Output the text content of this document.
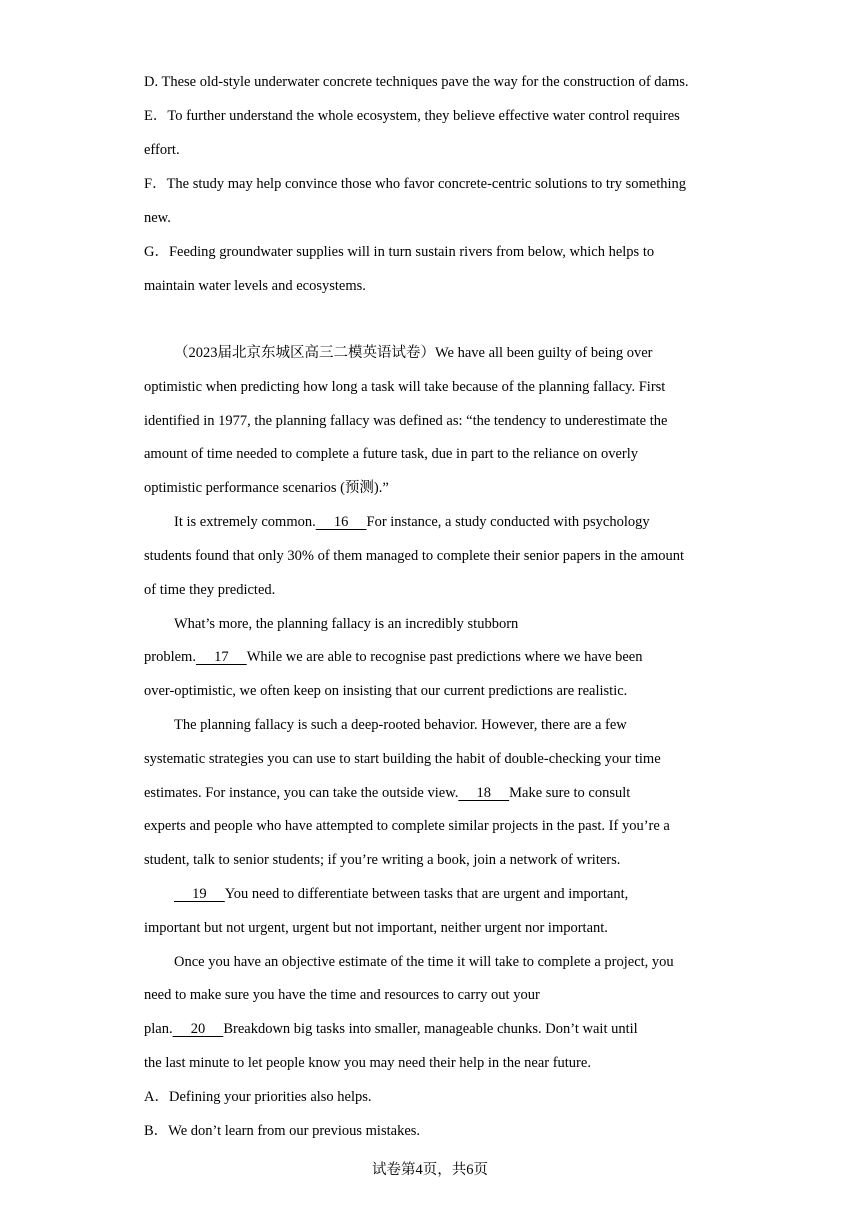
D. These old-style underwater concrete techniques pave the way for the construction of dams.
E．To further understand the whole ecosystem, they believe effective water control requires
effort.
F．The study may help convince those who favor concrete-centric solutions to try something
new.
G．Feeding groundwater supplies will in turn sustain rivers from below, which helps to
maintain water levels and ecosystems.
（2023届北京东城区高三二模英语试卷）We have all been guilty of being over
optimistic when predicting how long a task will take because of the planning fallacy. First
identified in 1977, the planning fallacy was defined as: “the tendency to underestimate the
amount of time needed to complete a future task, due in part to the reliance on overly
optimistic performance scenarios (预测).”
It is extremely common.     16     For instance, a study conducted with psychology
students found that only 30% of them managed to complete their senior papers in the amount
of time they predicted.
What’s more, the planning fallacy is an incredibly stubborn
problem.     17     While we are able to recognise past predictions where we have been
over-optimistic, we often keep on insisting that our current predictions are realistic.
The planning fallacy is such a deep-rooted behavior. However, there are a few
systematic strategies you can use to start building the habit of double-checking your time
estimates. For instance, you can take the outside view.     18     Make sure to consult
experts and people who have attempted to complete similar projects in the past. If you’re a
student, talk to senior students; if you’re writing a book, join a network of writers.
19     You need to differentiate between tasks that are urgent and important,
important but not urgent, urgent but not important, neither urgent nor important.
Once you have an objective estimate of the time it will take to complete a project, you
need to make sure you have the time and resources to carry out your
plan.     20     Breakdown big tasks into smaller, manageable chunks. Don’t wait until
the last minute to let people know you may need their help in the near future.
A．Defining your priorities also helps.
B．We don’t learn from our previous mistakes.
试卷第4页，共6页
